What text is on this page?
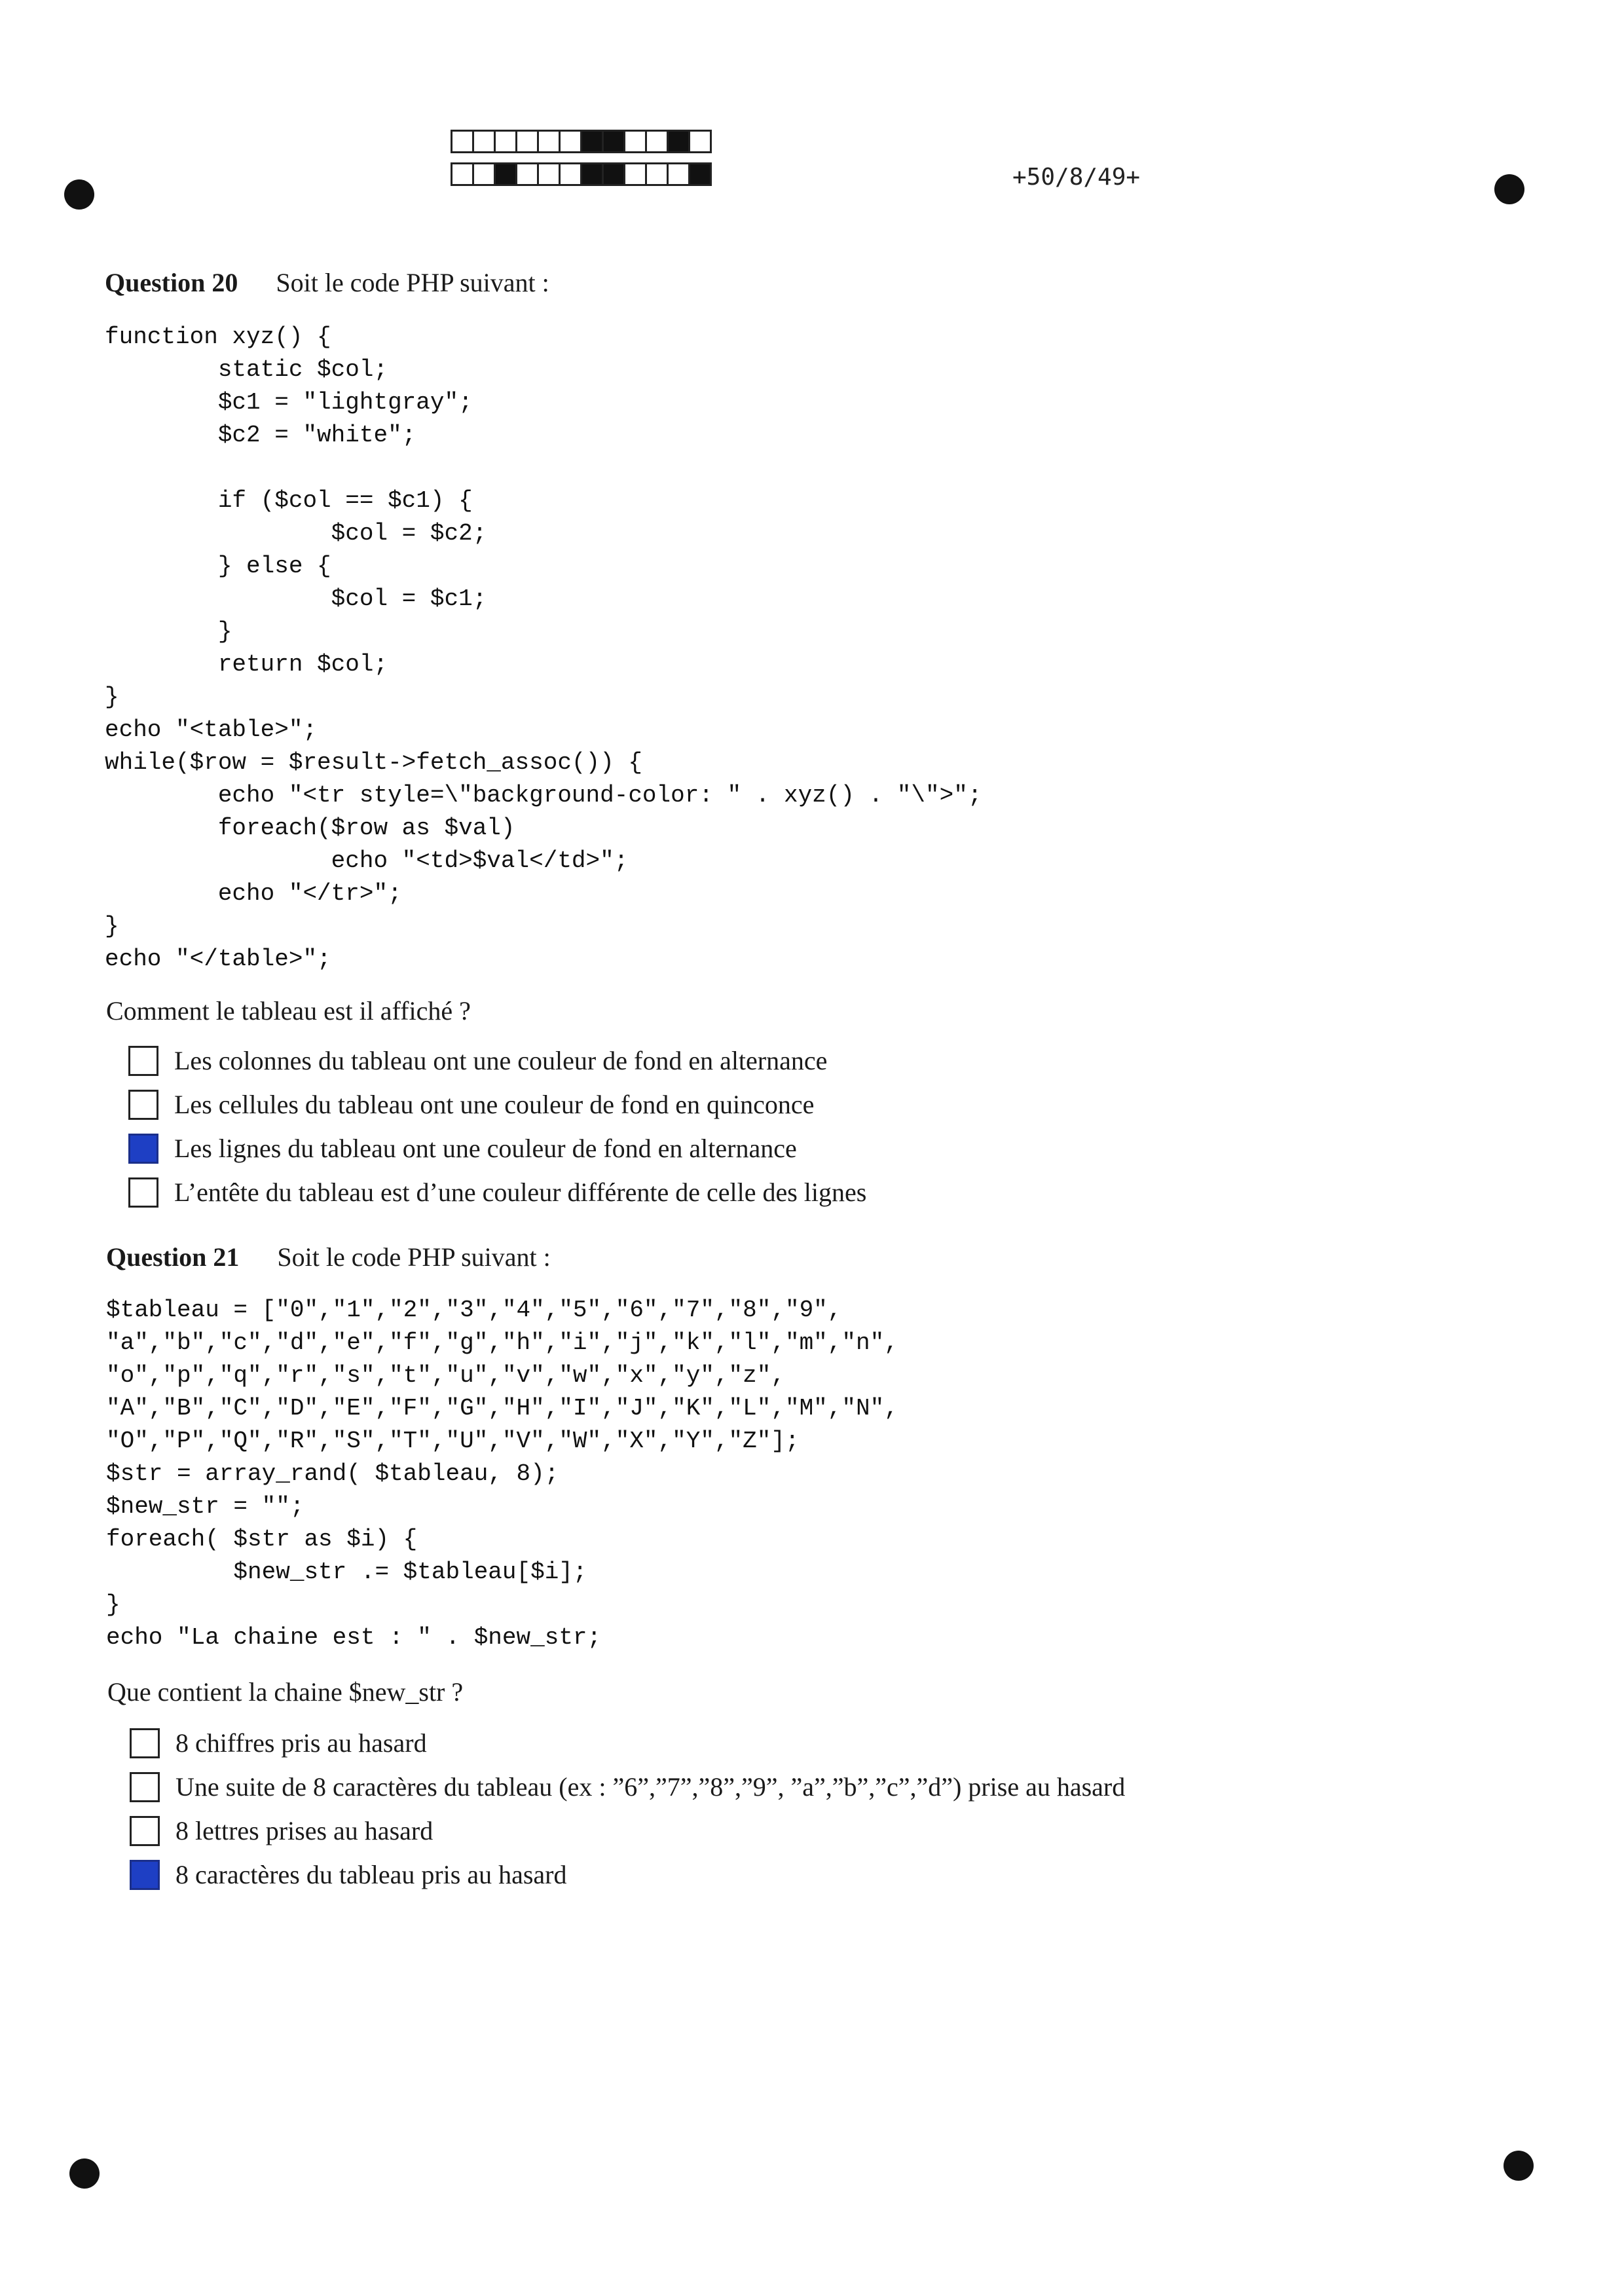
+50/8/49+
Question 20 Soit le code PHP suivant :
function xyz() {
static $col;
$c1 = "lightgray";
$c2 = "white";

if ($col == $c1) {
$col = $c2;
} else {
$col = $c1;
}
return $col;
}
echo "<table>";
while($row = $result->fetch_assoc()) {
echo "<tr style=\"background-color: " . xyz() . "\">";
foreach($row as $val)
echo "<td>$val</td>";
echo "</tr>";
}
echo "</table>";
Comment le tableau est il affiché ?
Les colonnes du tableau ont une couleur de fond en alternance
Les cellules du tableau ont une couleur de fond en quinconce
Les lignes du tableau ont une couleur de fond en alternance
L’entête du tableau est d’une couleur différente de celle des lignes
Question 21 Soit le code PHP suivant :
$tableau = ["0","1","2","3","4","5","6","7","8","9",
"a","b","c","d","e","f","g","h","i","j","k","l","m","n",
"o","p","q","r","s","t","u","v","w","x","y","z",
"A","B","C","D","E","F","G","H","I","J","K","L","M","N",
"O","P","Q","R","S","T","U","V","W","X","Y","Z"];
$str = array_rand( $tableau, 8);
$new_str = "";
foreach( $str as $i) {
$new_str .= $tableau[$i];
}
echo "La chaine est : " . $new_str;
Que contient la chaine $new_str ?
8 chiffres pris au hasard
Une suite de 8 caractères du tableau (ex : ”6”,”7”,”8”,”9”, ”a”,”b”,”c”,”d”) prise au hasard
8 lettres prises au hasard
8 caractères du tableau pris au hasard
